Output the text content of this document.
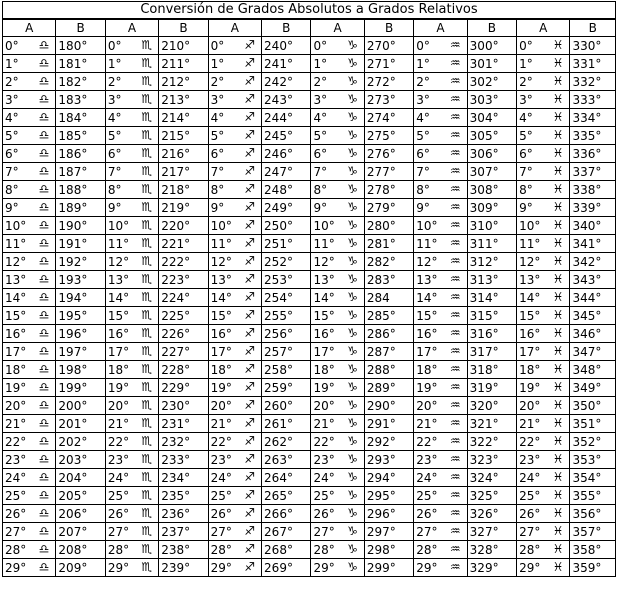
Conversión de Grados Absolutos a Grados Relativos											
A	B	A	B	A	B	A	B	A	B	A	B
0° ♎	180°	0° ♏	210°	0° ♐	240°	0° ♑	270°	0° ♒	300°	0° ♓	330°
1° ♎	181°	1° ♏	211°	1° ♐	241°	1° ♑	271°	1° ♒	301°	1° ♓	331°
2° ♎	182°	2° ♏	212°	2° ♐	242°	2° ♑	272°	2° ♒	302°	2° ♓	332°
3° ♎	183°	3° ♏	213°	3° ♐	243°	3° ♑	273°	3° ♒	303°	3° ♓	333°
4° ♎	184°	4° ♏	214°	4° ♐	244°	4° ♑	274°	4° ♒	304°	4° ♓	334°
5° ♎	185°	5° ♏	215°	5° ♐	245°	5° ♑	275°	5° ♒	305°	5° ♓	335°
6° ♎	186°	6° ♏	216°	6° ♐	246°	6° ♑	276°	6° ♒	306°	6° ♓	336°
7° ♎	187°	7° ♏	217°	7° ♐	247°	7° ♑	277°	7° ♒	307°	7° ♓	337°
8° ♎	188°	8° ♏	218°	8° ♐	248°	8° ♑	278°	8° ♒	308°	8° ♓	338°
9° ♎	189°	9° ♏	219°	9° ♐	249°	9° ♑	279°	9° ♒	309°	9° ♓	339°
10° ♎	190°	10° ♏	220°	10° ♐	250°	10° ♑	280°	10° ♒	310°	10° ♓	340°
11° ♎	191°	11° ♏	221°	11° ♐	251°	11° ♑	281°	11° ♒	311°	11° ♓	341°
12° ♎	192°	12° ♏	222°	12° ♐	252°	12° ♑	282°	12° ♒	312°	12° ♓	342°
13° ♎	193°	13° ♏	223°	13° ♐	253°	13° ♑	283°	13° ♒	313°	13° ♓	343°
14° ♎	194°	14° ♏	224°	14° ♐	254°	14° ♑	284	14° ♒	314°	14° ♓	344°
15° ♎	195°	15° ♏	225°	15° ♐	255°	15° ♑	285°	15° ♒	315°	15° ♓	345°
16° ♎	196°	16° ♏	226°	16° ♐	256°	16° ♑	286°	16° ♒	316°	16° ♓	346°
17° ♎	197°	17° ♏	227°	17° ♐	257°	17° ♑	287°	17° ♒	317°	17° ♓	347°
18° ♎	198°	18° ♏	228°	18° ♐	258°	18° ♑	288°	18° ♒	318°	18° ♓	348°
19° ♎	199°	19° ♏	229°	19° ♐	259°	19° ♑	289°	19° ♒	319°	19° ♓	349°
20° ♎	200°	20° ♏	230°	20° ♐	260°	20° ♑	290°	20° ♒	320°	20° ♓	350°
21° ♎	201°	21° ♏	231°	21° ♐	261°	21° ♑	291°	21° ♒	321°	21° ♓	351°
22° ♎	202°	22° ♏	232°	22° ♐	262°	22° ♑	292°	22° ♒	322°	22° ♓	352°
23° ♎	203°	23° ♏	233°	23° ♐	263°	23° ♑	293°	23° ♒	323°	23° ♓	353°
24° ♎	204°	24° ♏	234°	24° ♐	264°	24° ♑	294°	24° ♒	324°	24° ♓	354°
25° ♎	205°	25° ♏	235°	25° ♐	265°	25° ♑	295°	25° ♒	325°	25° ♓	355°
26° ♎	206°	26° ♏	236°	26° ♐	266°	26° ♑	296°	26° ♒	326°	26° ♓	356°
27° ♎	207°	27° ♏	237°	27° ♐	267°	27° ♑	297°	27° ♒	327°	27° ♓	357°
28° ♎	208°	28° ♏	238°	28° ♐	268°	28° ♑	298°	28° ♒	328°	28° ♓	358°
29° ♎	209°	29° ♏	239°	29° ♐	269°	29° ♑	299°	29° ♒	329°	29° ♓	359°
